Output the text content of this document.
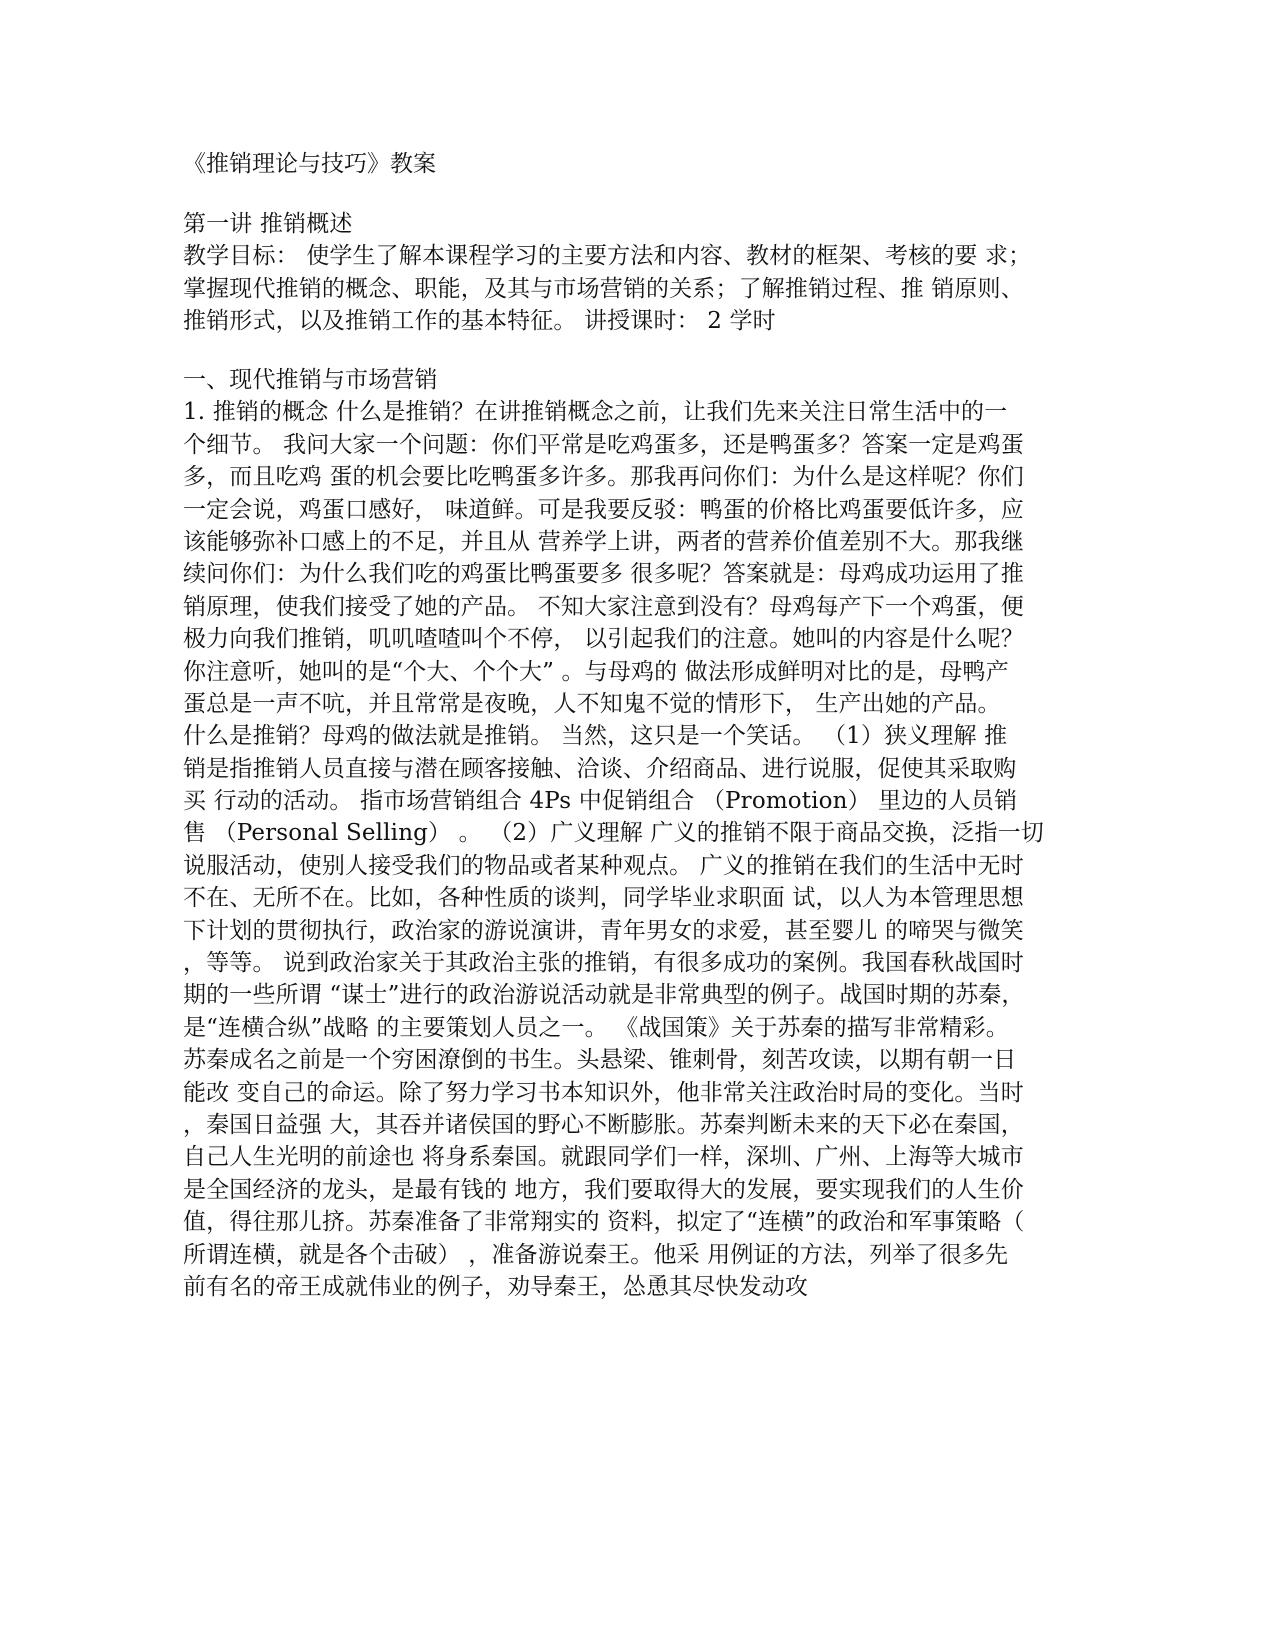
《推销理论与技巧》教案
第一讲 推销概述
教学目标： 使学生了解本课程学习的主要方法和内容、教材的框架、考核的要 求；
掌握现代推销的概念、职能，及其与市场营销的关系；了解推销过程、推 销原则、
推销形式，以及推销工作的基本特征。 讲授课时： 2 学时
一、现代推销与市场营销
1. 推销的概念 什么是推销？在讲推销概念之前，让我们先来关注日常生活中的一
个细节。 我问大家一个问题：你们平常是吃鸡蛋多，还是鸭蛋多？答案一定是鸡蛋
多，而且吃鸡 蛋的机会要比吃鸭蛋多许多。那我再问你们：为什么是这样呢？你们
一定会说，鸡蛋口感好， 味道鲜。可是我要反驳：鸭蛋的价格比鸡蛋要低许多，应
该能够弥补口感上的不足，并且从 营养学上讲，两者的营养价值差别不大。那我继
续问你们：为什么我们吃的鸡蛋比鸭蛋要多 很多呢？答案就是：母鸡成功运用了推
销原理，使我们接受了她的产品。 不知大家注意到没有？母鸡每产下一个鸡蛋，便
极力向我们推销，叽叽喳喳叫个不停， 以引起我们的注意。她叫的内容是什么呢？
你注意听，她叫的是“个大、个个大” 。与母鸡的 做法形成鲜明对比的是，母鸭产
蛋总是一声不吭，并且常常是夜晚，人不知鬼不觉的情形下， 生产出她的产品。
什么是推销？母鸡的做法就是推销。 当然，这只是一个笑话。 （1）狭义理解 推
销是指推销人员直接与潜在顾客接触、洽谈、介绍商品、进行说服，促使其采取购
买 行动的活动。 指市场营销组合 4Ps 中促销组合 （Promotion） 里边的人员销
售 （Personal Selling） 。 （2）广义理解 广义的推销不限于商品交换，泛指一切
说服活动，使别人接受我们的物品或者某种观点。 广义的推销在我们的生活中无时
不在、无所不在。比如，各种性质的谈判，同学毕业求职面 试，以人为本管理思想
下计划的贯彻执行，政治家的游说演讲，青年男女的求爱，甚至婴儿 的啼哭与微笑
，等等。 说到政治家关于其政治主张的推销，有很多成功的案例。我国春秋战国时
期的一些所谓 “谋士”进行的政治游说活动就是非常典型的例子。战国时期的苏秦，
是“连横合纵”战略 的主要策划人员之一。 《战国策》关于苏秦的描写非常精彩。
苏秦成名之前是一个穷困潦倒的书生。头悬梁、锥刺骨，刻苦攻读，以期有朝一日
能改 变自己的命运。除了努力学习书本知识外，他非常关注政治时局的变化。当时
，秦国日益强 大，其吞并诸侯国的野心不断膨胀。苏秦判断未来的天下必在秦国，
自己人生光明的前途也 将身系秦国。就跟同学们一样，深圳、广州、上海等大城市
是全国经济的龙头，是最有钱的 地方，我们要取得大的发展，要实现我们的人生价
值，得往那儿挤。苏秦准备了非常翔实的 资料，拟定了“连横”的政治和军事策略（
所谓连横，就是各个击破） ，准备游说秦王。他采 用例证的方法，列举了很多先
前有名的帝王成就伟业的例子，劝导秦王，怂恿其尽快发动攻
